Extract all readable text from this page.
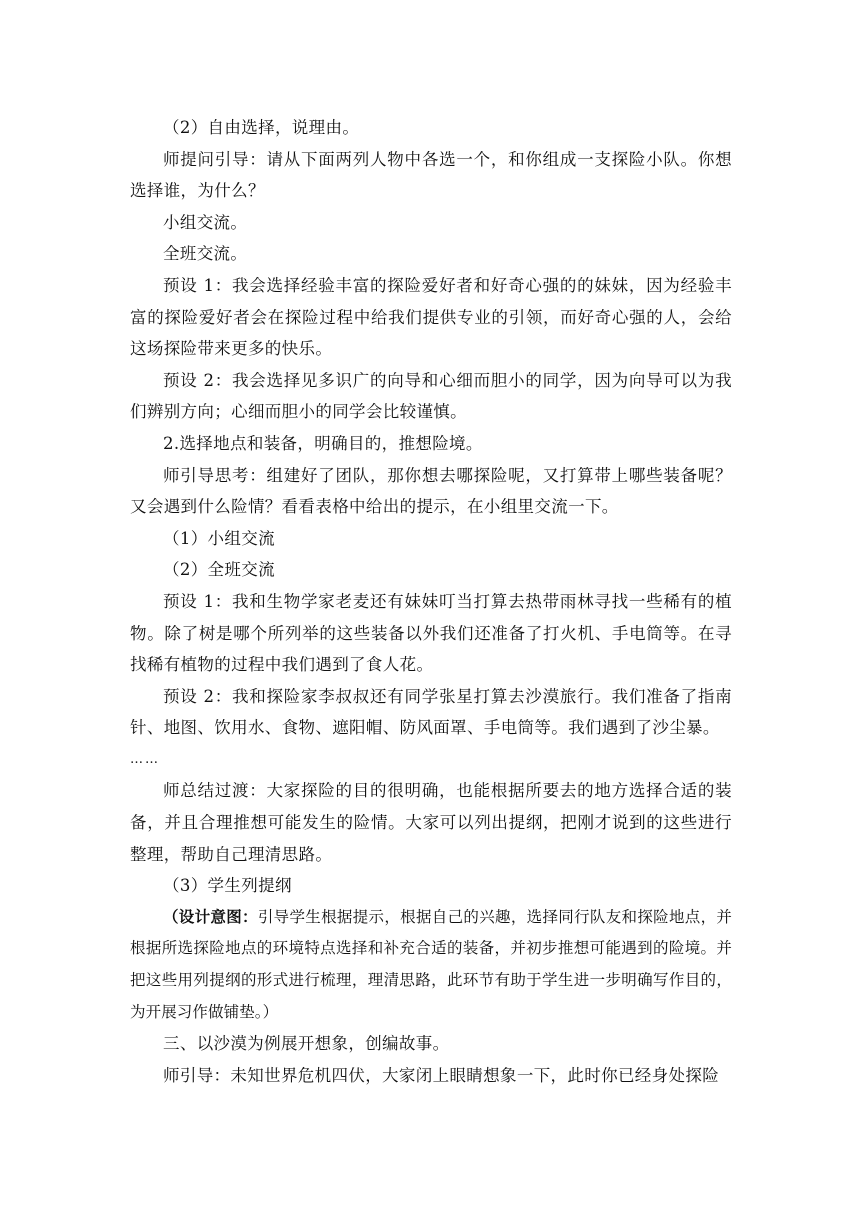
（2）自由选择，说理由。

师提问引导：请从下面两列人物中各选一个，和你组成一支探险小队。你想选择谁，为什么？

小组交流。

全班交流。

预设 1：我会选择经验丰富的探险爱好者和好奇心强的的妹妹，因为经验丰富的探险爱好者会在探险过程中给我们提供专业的引领，而好奇心强的人，会给这场探险带来更多的快乐。

预设 2：我会选择见多识广的向导和心细而胆小的同学，因为向导可以为我们辨别方向；心细而胆小的同学会比较谨慎。

2.选择地点和装备，明确目的，推想险境。

师引导思考：组建好了团队，那你想去哪探险呢，又打算带上哪些装备呢？又会遇到什么险情？看看表格中给出的提示，在小组里交流一下。

（1）小组交流

（2）全班交流

预设 1：我和生物学家老麦还有妹妹叮当打算去热带雨林寻找一些稀有的植物。除了树是哪个所列举的这些装备以外我们还准备了打火机、手电筒等。在寻找稀有植物的过程中我们遇到了食人花。

预设 2：我和探险家李叔叔还有同学张星打算去沙漠旅行。我们准备了指南针、地图、饮用水、食物、遮阳帽、防风面罩、手电筒等。我们遇到了沙尘暴。

……

师总结过渡：大家探险的目的很明确，也能根据所要去的地方选择合适的装备，并且合理推想可能发生的险情。大家可以列出提纲，把刚才说到的这些进行整理，帮助自己理清思路。

（3）学生列提纲

（设计意图：引导学生根据提示，根据自己的兴趣，选择同行队友和探险地点，并根据所选探险地点的环境特点选择和补充合适的装备，并初步推想可能遇到的险境。并把这些用列提纲的形式进行梳理，理清思路，此环节有助于学生进一步明确写作目的，为开展习作做铺垫。）

三、以沙漠为例展开想象，创编故事。

师引导：未知世界危机四伏，大家闭上眼睛想象一下，此时你已经身处探险
